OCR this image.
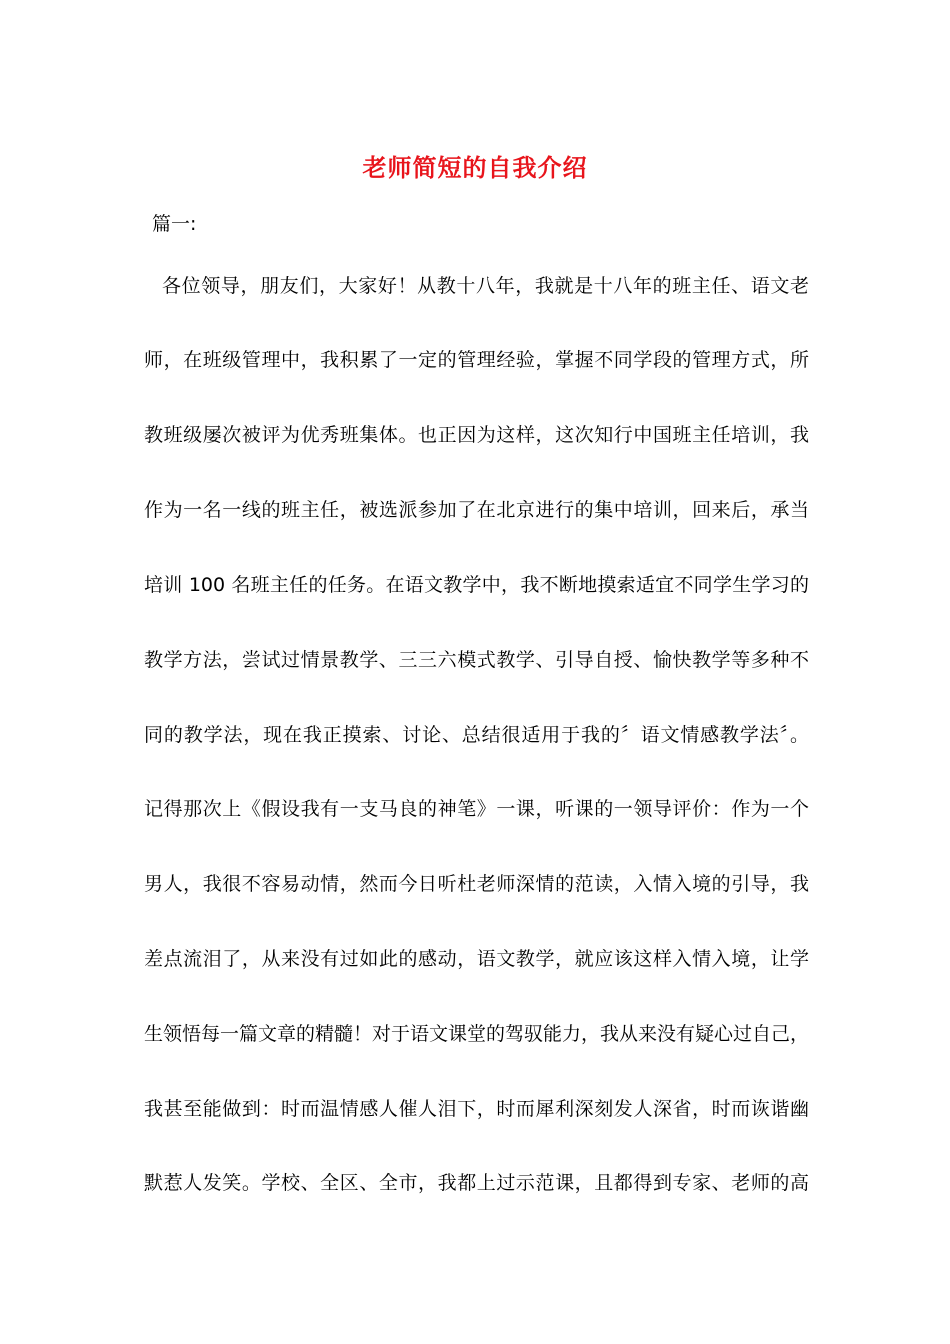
老师简短的自我介绍
篇一:
各位领导，朋友们，大家好！从教十八年，我就是十八年的班主任、语文老
师，在班级管理中，我积累了一定的管理经验，掌握不同学段的管理方式，所
教班级屡次被评为优秀班集体。也正因为这样，这次知行中国班主任培训，我
作为一名一线的班主任，被选派参加了在北京进行的集中培训，回来后，承当
培训 100 名班主任的任务。在语文教学中，我不断地摸索适宜不同学生学习的
教学方法，尝试过情景教学、三三六模式教学、引导自授、愉快教学等多种不
同的教学法，现在我正摸索、讨论、总结很适用于我的〞语文情感教学法〞。
记得那次上《假设我有一支马良的神笔》一课，听课的一领导评价：作为一个
男人，我很不容易动情，然而今日听杜老师深情的范读，入情入境的引导，我
差点流泪了，从来没有过如此的感动，语文教学，就应该这样入情入境，让学
生领悟每一篇文章的精髓！对于语文课堂的驾驭能力，我从来没有疑心过自己，
我甚至能做到：时而温情感人催人泪下，时而犀利深刻发人深省，时而诙谐幽
默惹人发笑。学校、全区、全市，我都上过示范课，且都得到专家、老师的高
